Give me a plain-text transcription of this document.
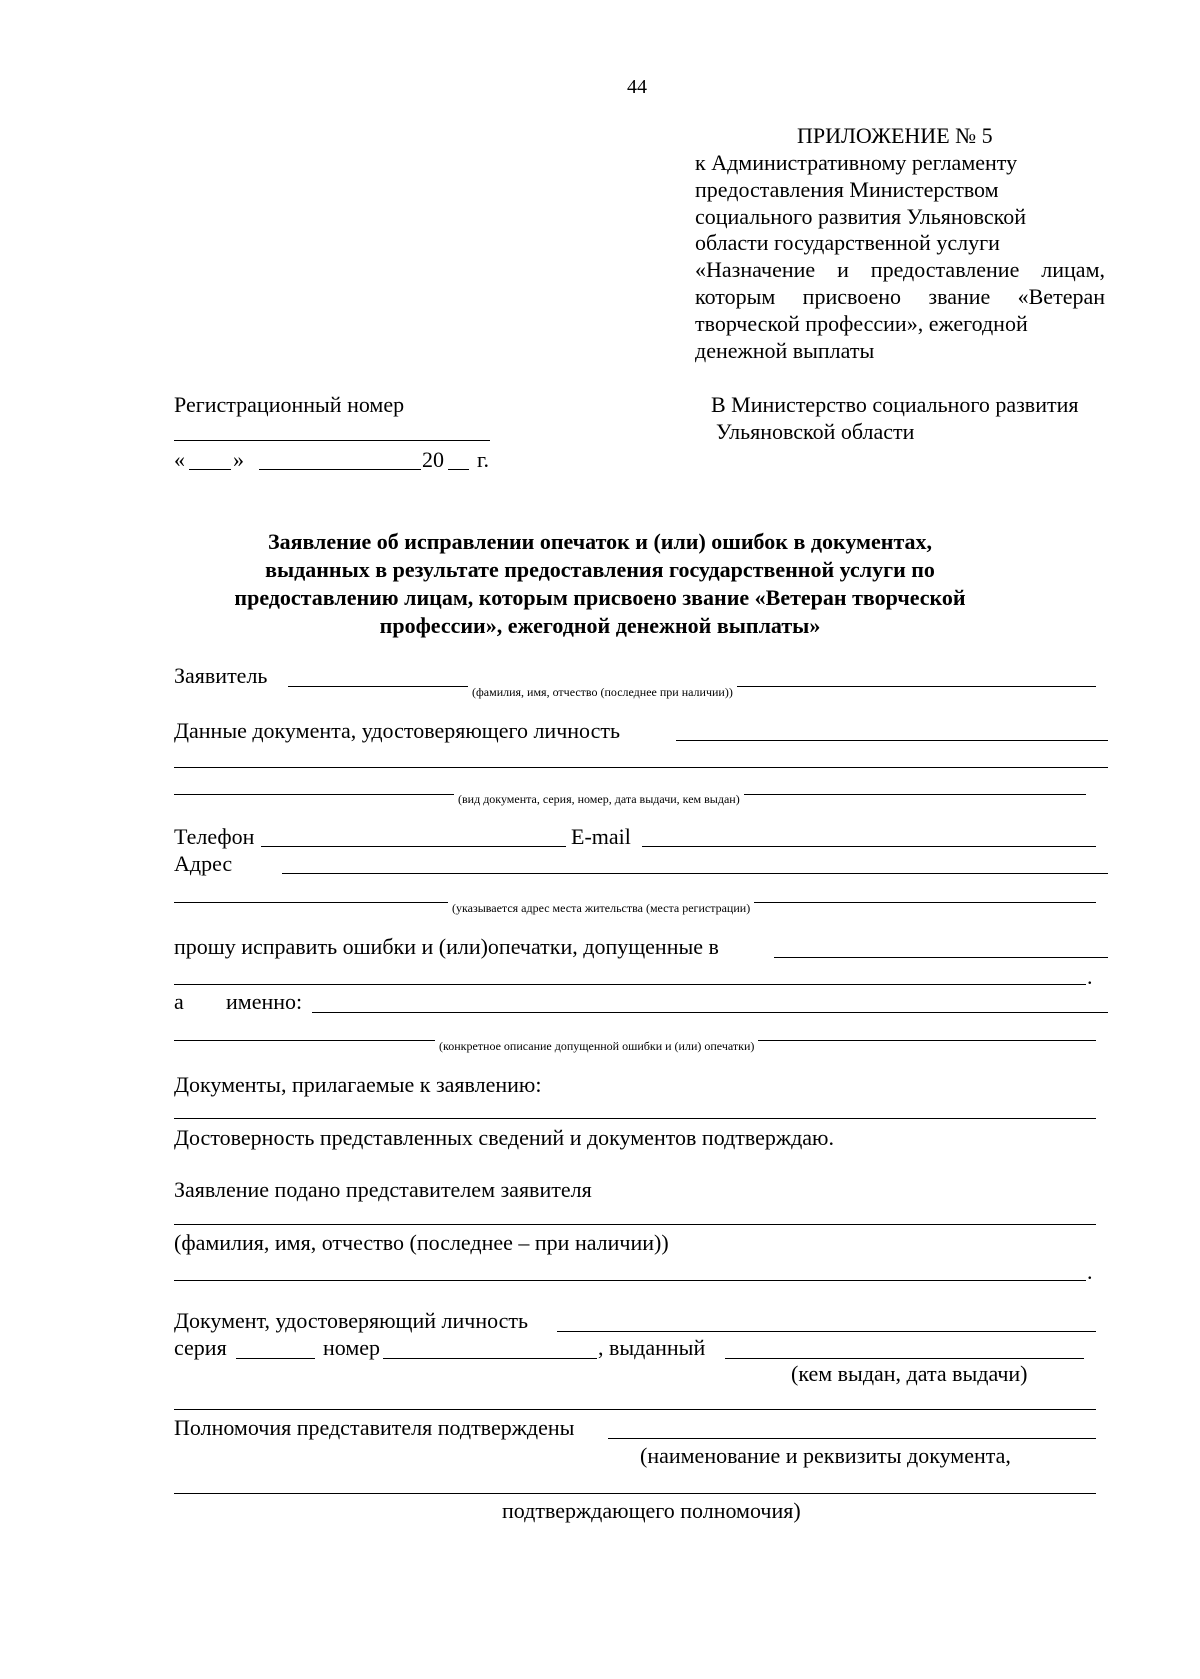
44
ПРИЛОЖЕНИЕ № 5
к Административному регламенту
предоставления Министерством
социального развития Ульяновской
области государственной услуги
«Назначение и предоставление лицам,
которым присвоено звание «Ветеран
творческой профессии», ежегодной
денежной выплаты
Регистрационный номер
« »	20 г.
В Министерство социального развития
Ульяновской области
Заявление об исправлении опечаток и (или) ошибок в документах,
выданных в результате предоставления государственной услуги по
предоставлению лицам, которым присвоено звание «Ветеран творческой
профессии», ежегодной денежной выплаты»
Заявитель
(фамилия, имя, отчество (последнее при наличии))
Данные документа, удостоверяющего личность
(вид документа, серия, номер, дата выдачи, кем выдан)
Телефон	E-mail
Адрес
(указывается адрес места жительства (места регистрации)
прошу исправить ошибки и (или)опечатки, допущенные в
.
а именно:
(конкретное описание допущенной ошибки и (или) опечатки)
Документы, прилагаемые к заявлению:
Достоверность представленных сведений и документов подтверждаю.
Заявление подано представителем заявителя
(фамилия, имя, отчество (последнее – при наличии))
.
Документ, удостоверяющий личность
серия	номер	, выданный
(кем выдан, дата выдачи)
Полномочия представителя подтверждены
(наименование и реквизиты документа,
подтверждающего полномочия)
